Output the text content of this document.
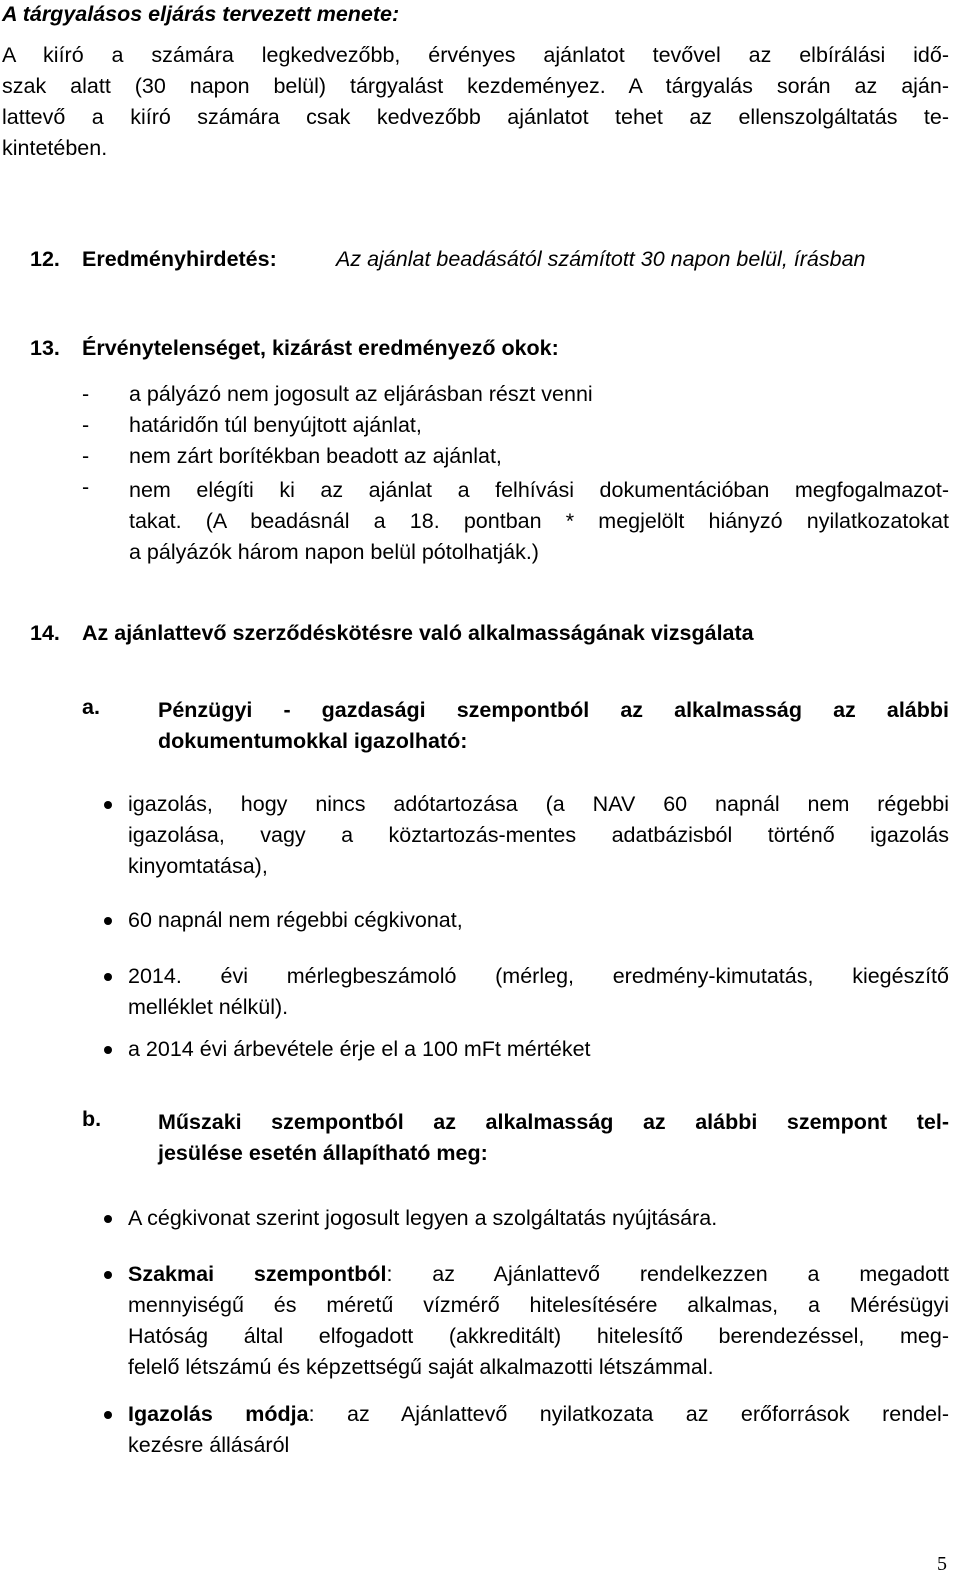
A tárgyalásos eljárás tervezett menete:
A kiíró a számára legkedvezőbb, érvényes ajánlatot tevővel az elbírálási idő-
szak alatt (30 napon belül) tárgyalást kezdeményez. A tárgyalás során az aján-
lattevő a kiíró számára csak kedvezőbb ajánlatot tehet az ellenszolgáltatás te-
kintetében.
12. Eredményhirdetés:	Az ajánlat beadásától számított 30 napon belül, írásban
13. Érvénytelenséget, kizárást eredményező okok:
- a pályázó nem jogosult az eljárásban részt venni
- határidőn túl benyújtott ajánlat,
- nem zárt borítékban beadott az ajánlat,
- nem elégíti ki az ajánlat a felhívási dokumentációban megfogalmazot-
takat. (A beadásnál a 18. pontban * megjelölt hiányzó nyilatkozatokat
a pályázók három napon belül pótolhatják.)
14. Az ajánlattevő szerződéskötésre való alkalmasságának vizsgálata
a.	Pénzügyi - gazdasági szempontból az alkalmasság az alábbi
dokumentumokkal igazolható:
igazolás, hogy nincs adótartozása (a NAV 60 napnál nem régebbi
igazolása, vagy a köztartozás-mentes adatbázisból történő igazolás
kinyomtatása),
60 napnál nem régebbi cégkivonat,
2014. évi mérlegbeszámoló (mérleg, eredmény-kimutatás, kiegészítő
melléklet nélkül).
a 2014 évi árbevétele érje el a 100 mFt mértéket
b.	Műszaki szempontból az alkalmasság az alábbi szempont tel-
jesülése esetén állapítható meg:
A cégkivonat szerint jogosult legyen a szolgáltatás nyújtására.
Szakmai szempontból: az Ajánlattevő rendelkezzen a megadott
mennyiségű és méretű vízmérő hitelesítésére alkalmas, a Mérésügyi
Hatóság által elfogadott (akkreditált) hitelesítő berendezéssel, meg-
felelő létszámú és képzettségű saját alkalmazotti létszámmal.
Igazolás módja: az Ajánlattevő nyilatkozata az erőforrások rendel-
kezésre állásáról
5
